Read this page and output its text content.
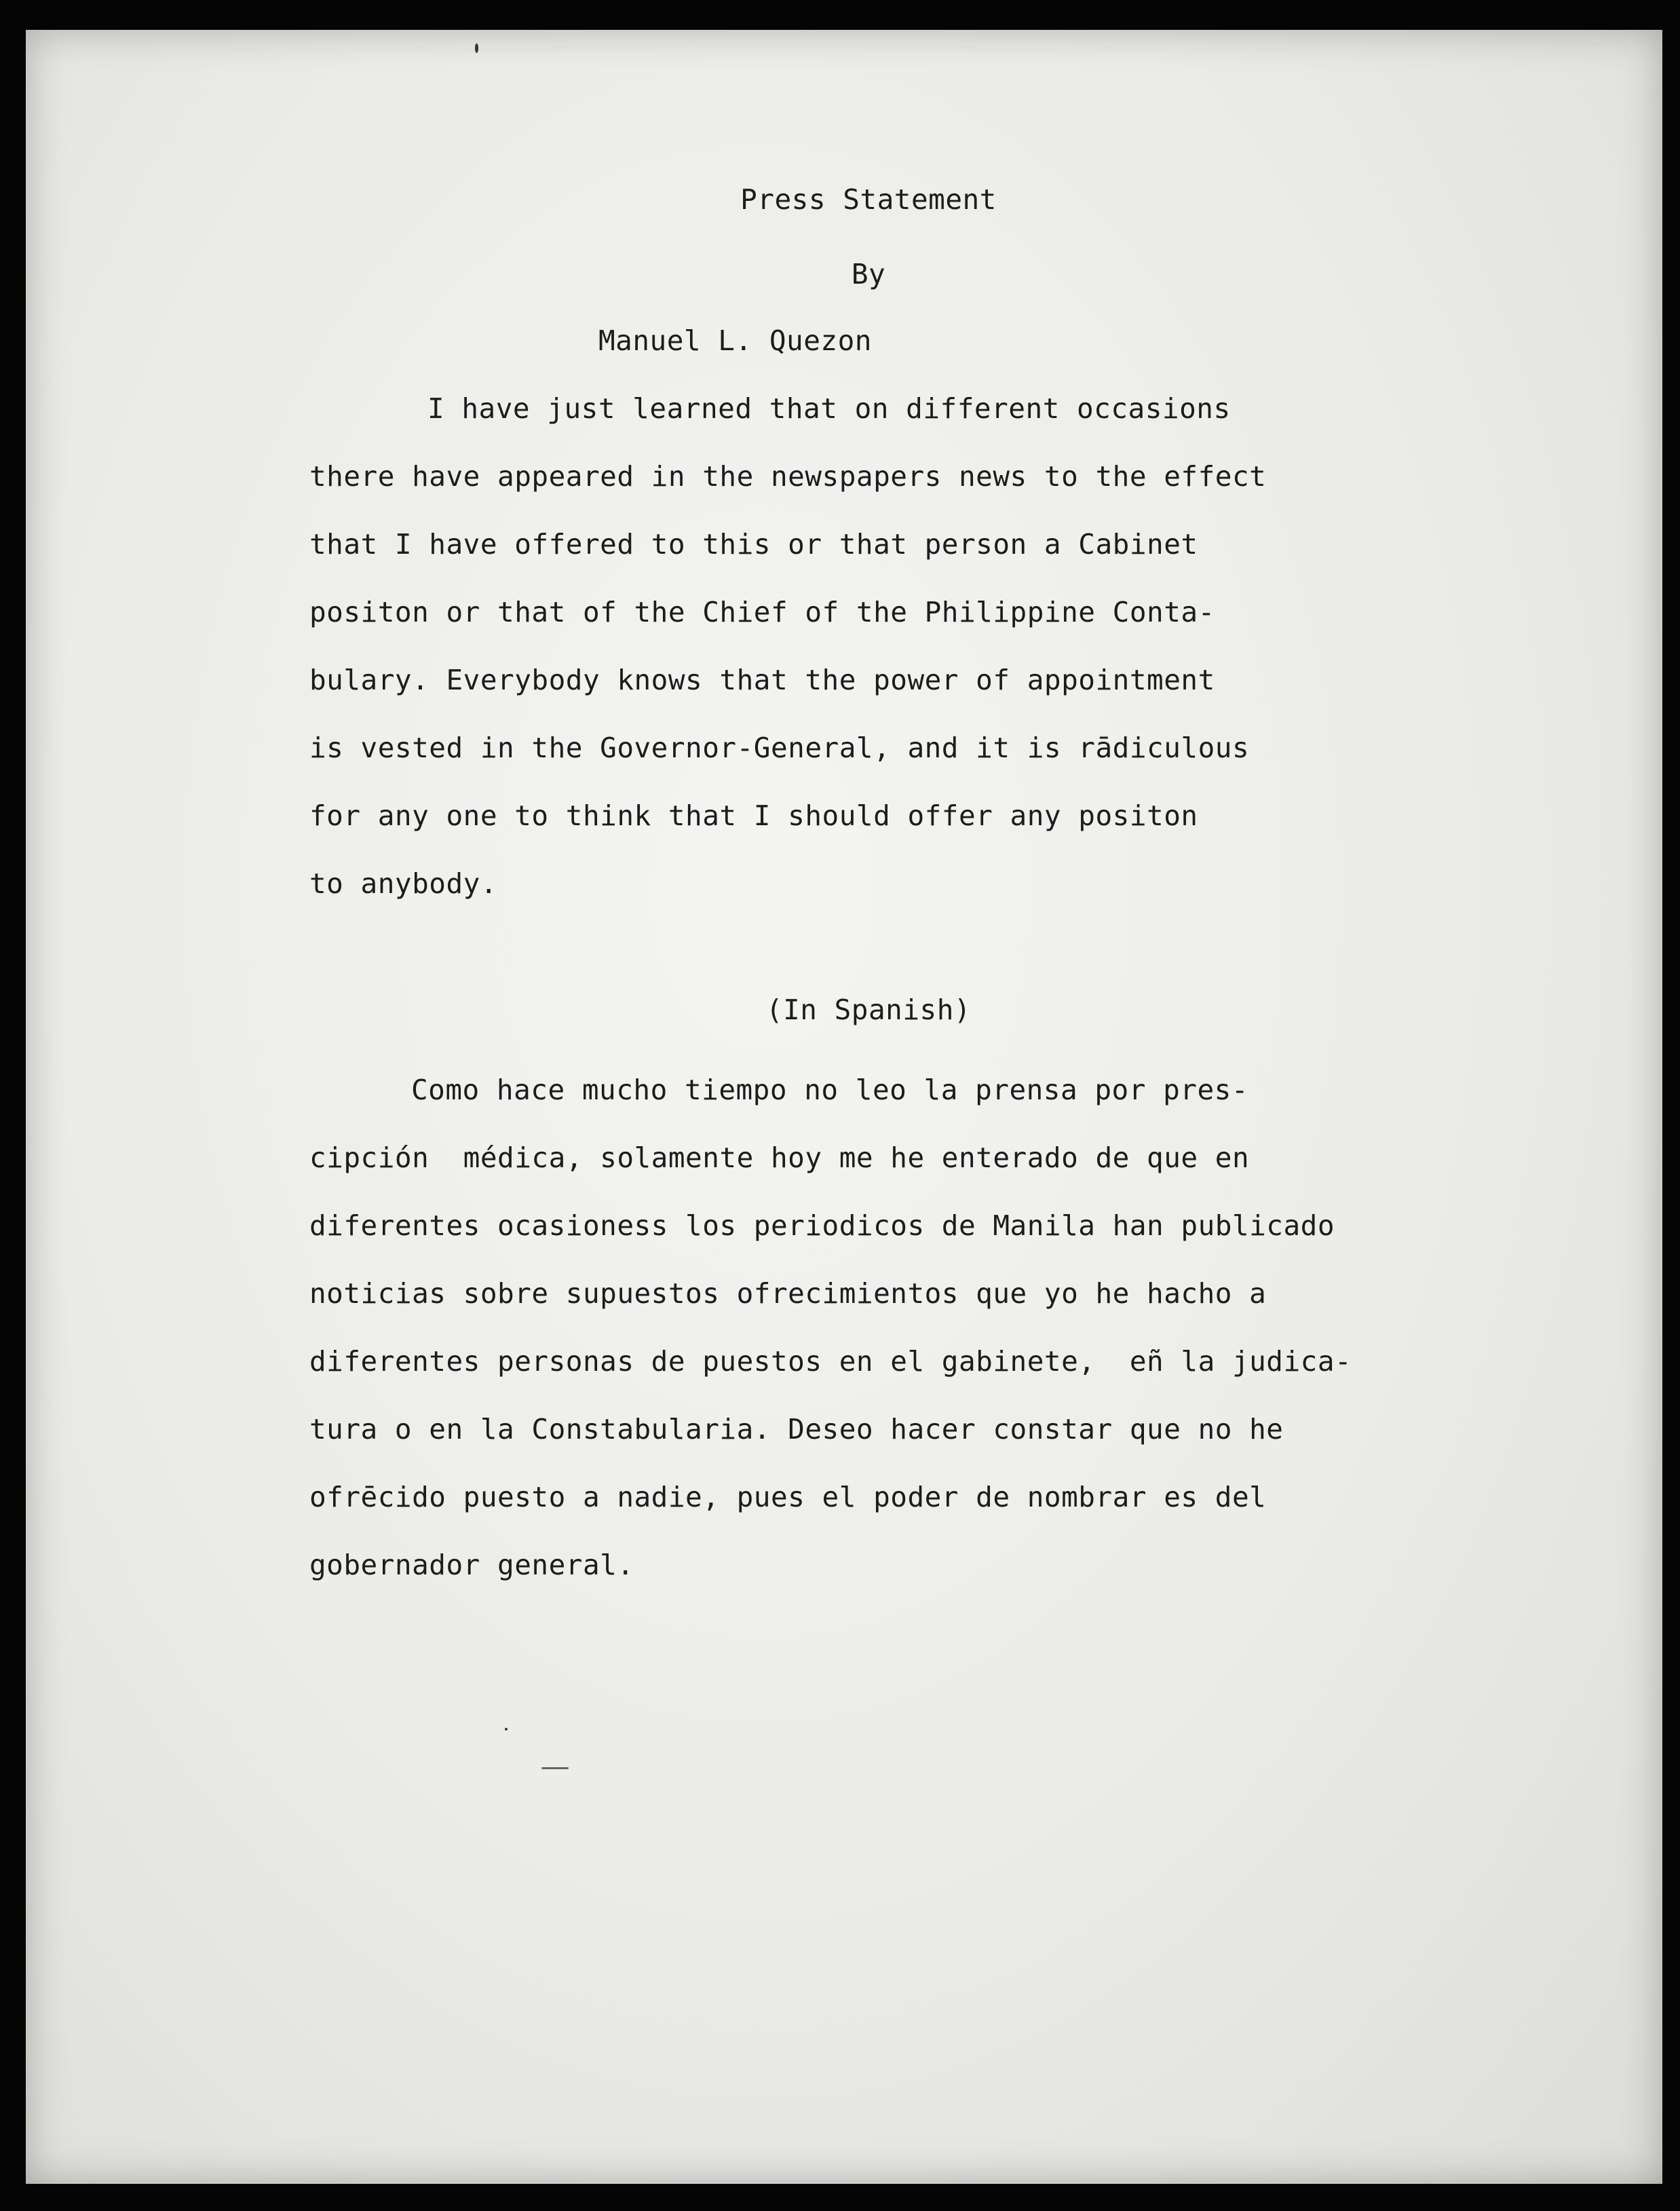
Press Statement
By
Manuel L. Quezon
I have just learned that on different occasions
there have appeared in the newspapers news to the effect
that I have offered to this or that person a Cabinet
positon or that of the Chief of the Philippine Conta-
bulary. Everybody knows that the power of appointment
is vested in the Governor-General, and it is rādiculous
for any one to think that I should offer any positon
to anybody.
(In Spanish)
Como hace mucho tiempo no leo la prensa por pres-
cipción  médica, solamente hoy me he enterado de que en
diferentes ocasioness los periodicos de Manila han publicado
noticias sobre supuestos ofrecimientos que yo he hacho a
diferentes personas de puestos en el gabinete,  eñ la judica-
tura o en la Constabularia. Deseo hacer constar que no he
ofrēcido puesto a nadie, pues el poder de nombrar es del
gobernador general.
